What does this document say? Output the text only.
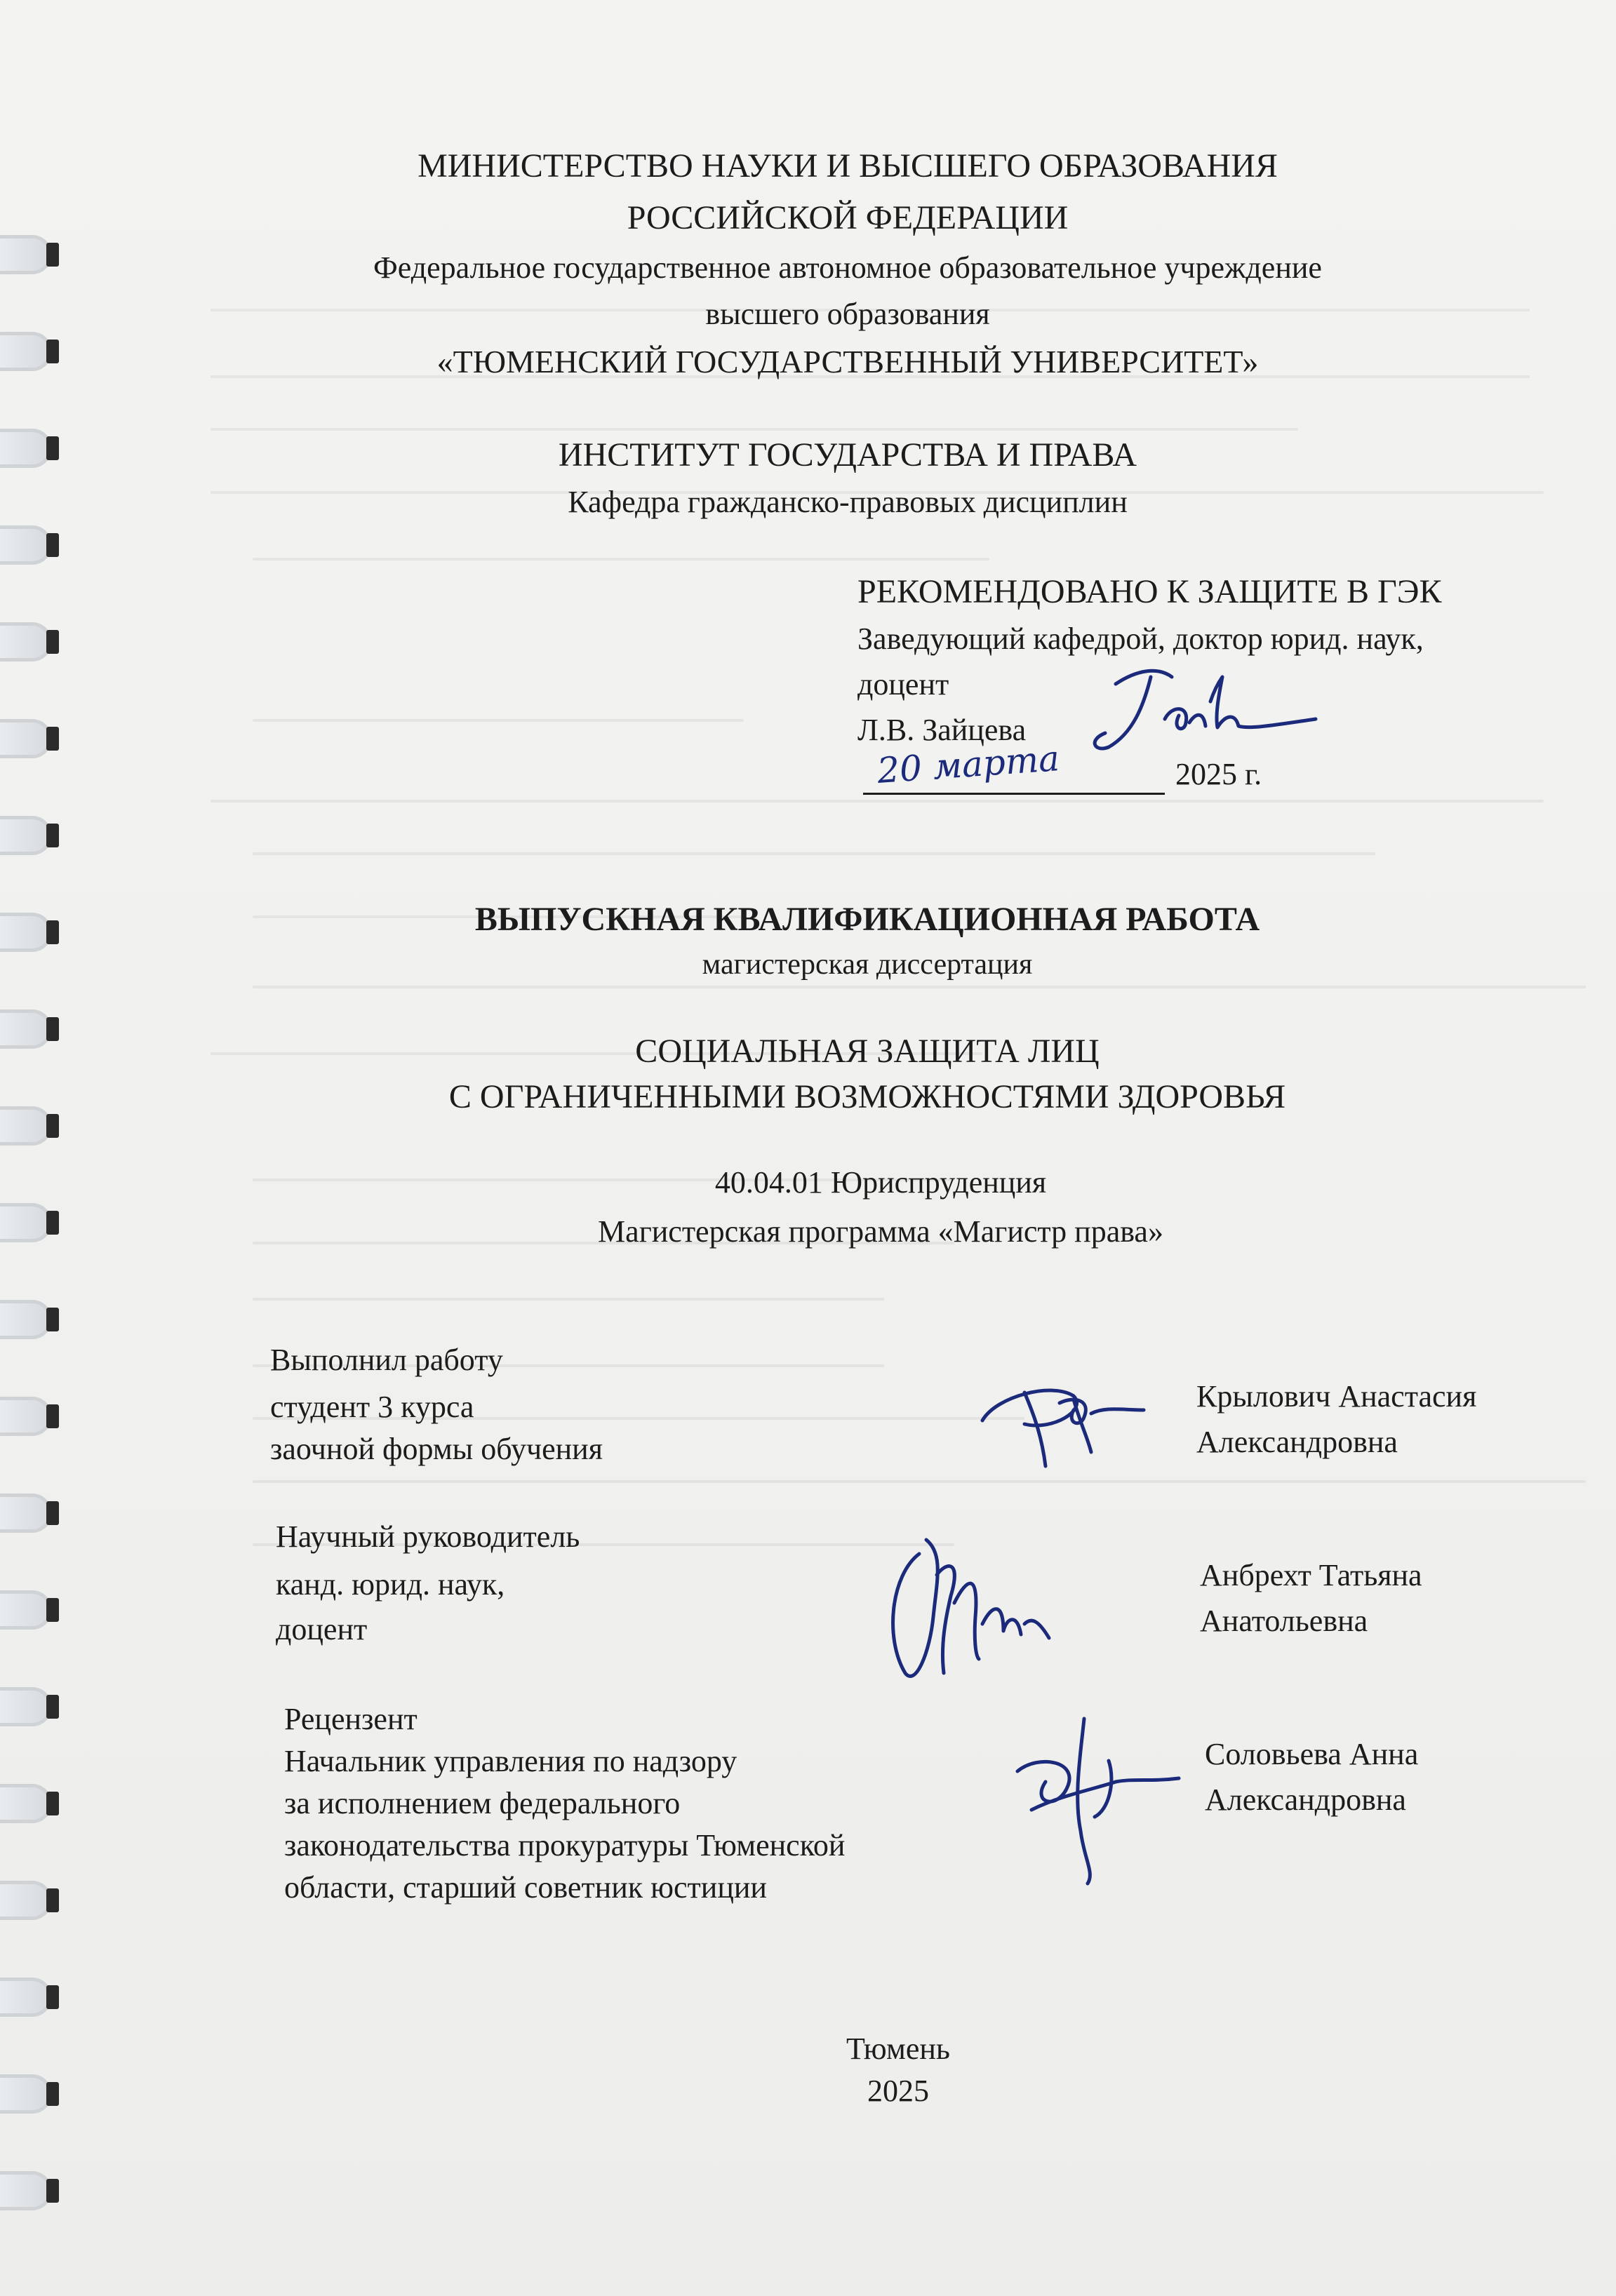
МИНИСТЕРСТВО НАУКИ И ВЫСШЕГО ОБРАЗОВАНИЯ
РОССИЙСКОЙ ФЕДЕРАЦИИ
Федеральное государственное автономное образовательное учреждение
высшего образования
«ТЮМЕНСКИЙ ГОСУДАРСТВЕННЫЙ УНИВЕРСИТЕТ»
ИНСТИТУТ ГОСУДАРСТВА И ПРАВА
Кафедра гражданско-правовых дисциплин
РЕКОМЕНДОВАНО К ЗАЩИТЕ В ГЭК
Заведующий кафедрой, доктор юрид. наук,
доцент
Л.В. Зайцева
20 марта	2025 г.
ВЫПУСКНАЯ КВАЛИФИКАЦИОННАЯ РАБОТА
магистерская диссертация
СОЦИАЛЬНАЯ ЗАЩИТА ЛИЦ
С ОГРАНИЧЕННЫМИ ВОЗМОЖНОСТЯМИ ЗДОРОВЬЯ
40.04.01 Юриспруденция
Магистерская программа «Магистр права»
Выполнил работу
студент 3 курса
заочной формы обучения
Крылович Анастасия
Александровна
Научный руководитель
канд. юрид. наук,
доцент
Анбрехт Татьяна
Анатольевна
Рецензент
Начальник управления по надзору
за исполнением федерального
законодательства прокуратуры Тюменской
области, старший советник юстиции
Соловьева Анна
Александровна
Тюмень
2025
